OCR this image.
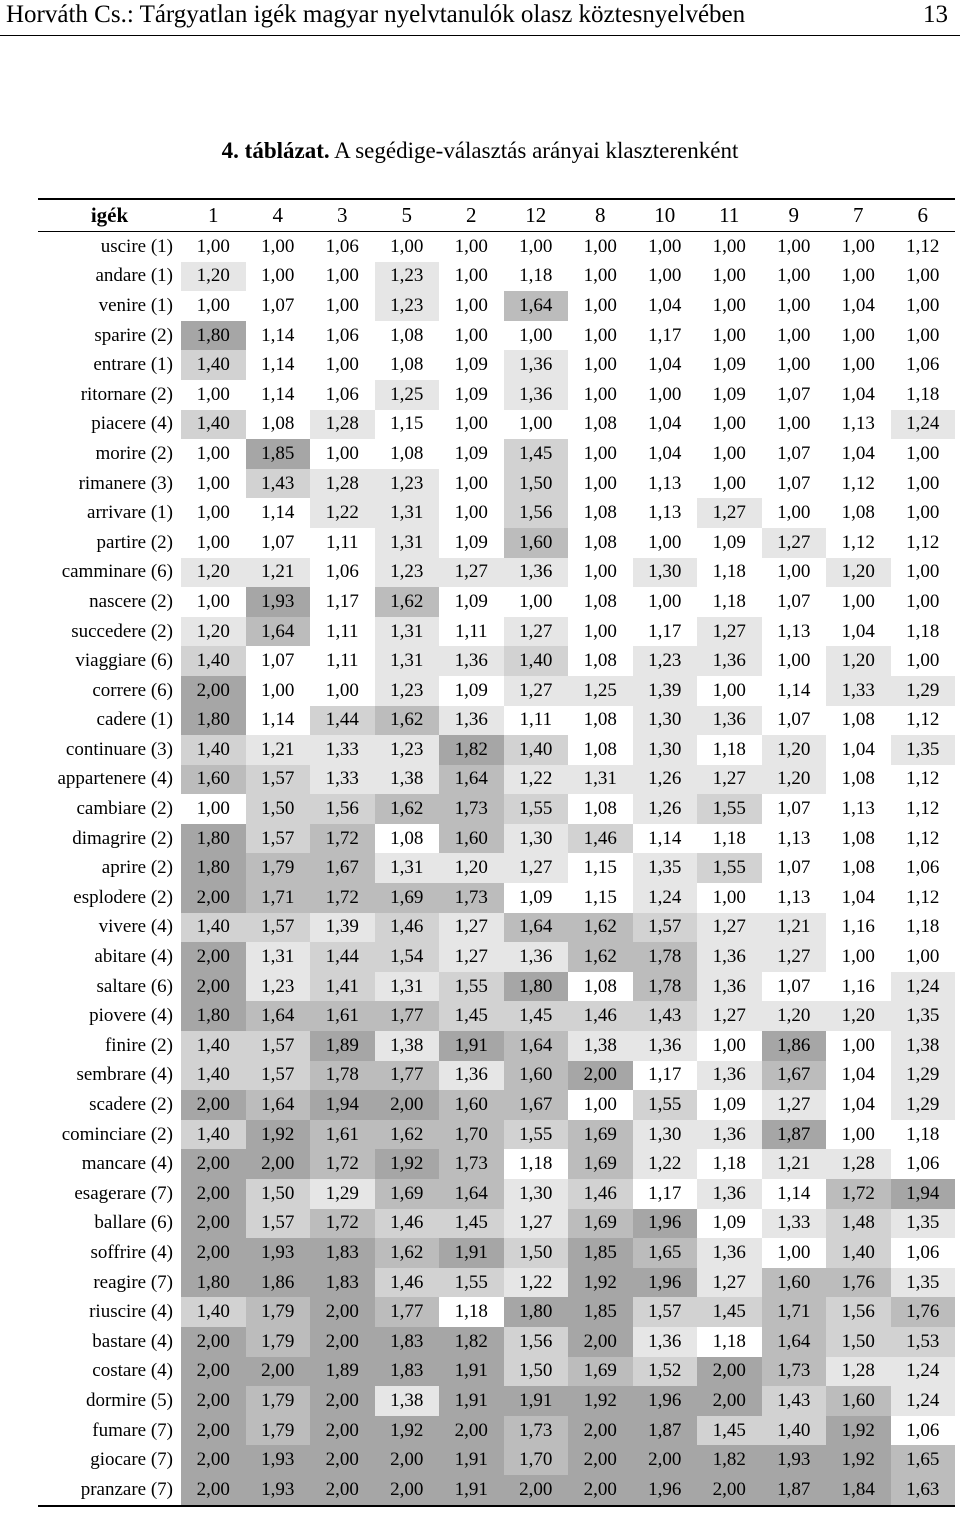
Horváth Cs.: Tárgyatlan igék magyar nyelvtanulók olasz köztesnyelvében	13
4. táblázat. A segédige-választás arányai klaszterenként
igék	1	4	3	5	2	12	8	10	11	9	7	6
uscire (1)	1,00	1,00	1,06	1,00	1,00	1,00	1,00	1,00	1,00	1,00	1,00	1,12
andare (1)	1,20	1,00	1,00	1,23	1,00	1,18	1,00	1,00	1,00	1,00	1,00	1,00
venire (1)	1,00	1,07	1,00	1,23	1,00	1,64	1,00	1,04	1,00	1,00	1,04	1,00
sparire (2)	1,80	1,14	1,06	1,08	1,00	1,00	1,00	1,17	1,00	1,00	1,00	1,00
entrare (1)	1,40	1,14	1,00	1,08	1,09	1,36	1,00	1,04	1,09	1,00	1,00	1,06
ritornare (2)	1,00	1,14	1,06	1,25	1,09	1,36	1,00	1,00	1,09	1,07	1,04	1,18
piacere (4)	1,40	1,08	1,28	1,15	1,00	1,00	1,08	1,04	1,00	1,00	1,13	1,24
morire (2)	1,00	1,85	1,00	1,08	1,09	1,45	1,00	1,04	1,00	1,07	1,04	1,00
rimanere (3)	1,00	1,43	1,28	1,23	1,00	1,50	1,00	1,13	1,00	1,07	1,12	1,00
arrivare (1)	1,00	1,14	1,22	1,31	1,00	1,56	1,08	1,13	1,27	1,00	1,08	1,00
partire (2)	1,00	1,07	1,11	1,31	1,09	1,60	1,08	1,00	1,09	1,27	1,12	1,12
camminare (6)	1,20	1,21	1,06	1,23	1,27	1,36	1,00	1,30	1,18	1,00	1,20	1,00
nascere (2)	1,00	1,93	1,17	1,62	1,09	1,00	1,08	1,00	1,18	1,07	1,00	1,00
succedere (2)	1,20	1,64	1,11	1,31	1,11	1,27	1,00	1,17	1,27	1,13	1,04	1,18
viaggiare (6)	1,40	1,07	1,11	1,31	1,36	1,40	1,08	1,23	1,36	1,00	1,20	1,00
correre (6)	2,00	1,00	1,00	1,23	1,09	1,27	1,25	1,39	1,00	1,14	1,33	1,29
cadere (1)	1,80	1,14	1,44	1,62	1,36	1,11	1,08	1,30	1,36	1,07	1,08	1,12
continuare (3)	1,40	1,21	1,33	1,23	1,82	1,40	1,08	1,30	1,18	1,20	1,04	1,35
appartenere (4)	1,60	1,57	1,33	1,38	1,64	1,22	1,31	1,26	1,27	1,20	1,08	1,12
cambiare (2)	1,00	1,50	1,56	1,62	1,73	1,55	1,08	1,26	1,55	1,07	1,13	1,12
dimagrire (2)	1,80	1,57	1,72	1,08	1,60	1,30	1,46	1,14	1,18	1,13	1,08	1,12
aprire (2)	1,80	1,79	1,67	1,31	1,20	1,27	1,15	1,35	1,55	1,07	1,08	1,06
esplodere (2)	2,00	1,71	1,72	1,69	1,73	1,09	1,15	1,24	1,00	1,13	1,04	1,12
vivere (4)	1,40	1,57	1,39	1,46	1,27	1,64	1,62	1,57	1,27	1,21	1,16	1,18
abitare (4)	2,00	1,31	1,44	1,54	1,27	1,36	1,62	1,78	1,36	1,27	1,00	1,00
saltare (6)	2,00	1,23	1,41	1,31	1,55	1,80	1,08	1,78	1,36	1,07	1,16	1,24
piovere (4)	1,80	1,64	1,61	1,77	1,45	1,45	1,46	1,43	1,27	1,20	1,20	1,35
finire (2)	1,40	1,57	1,89	1,38	1,91	1,64	1,38	1,36	1,00	1,86	1,00	1,38
sembrare (4)	1,40	1,57	1,78	1,77	1,36	1,60	2,00	1,17	1,36	1,67	1,04	1,29
scadere (2)	2,00	1,64	1,94	2,00	1,60	1,67	1,00	1,55	1,09	1,27	1,04	1,29
cominciare (2)	1,40	1,92	1,61	1,62	1,70	1,55	1,69	1,30	1,36	1,87	1,00	1,18
mancare (4)	2,00	2,00	1,72	1,92	1,73	1,18	1,69	1,22	1,18	1,21	1,28	1,06
esagerare (7)	2,00	1,50	1,29	1,69	1,64	1,30	1,46	1,17	1,36	1,14	1,72	1,94
ballare (6)	2,00	1,57	1,72	1,46	1,45	1,27	1,69	1,96	1,09	1,33	1,48	1,35
soffrire (4)	2,00	1,93	1,83	1,62	1,91	1,50	1,85	1,65	1,36	1,00	1,40	1,06
reagire (7)	1,80	1,86	1,83	1,46	1,55	1,22	1,92	1,96	1,27	1,60	1,76	1,35
riuscire (4)	1,40	1,79	2,00	1,77	1,18	1,80	1,85	1,57	1,45	1,71	1,56	1,76
bastare (4)	2,00	1,79	2,00	1,83	1,82	1,56	2,00	1,36	1,18	1,64	1,50	1,53
costare (4)	2,00	2,00	1,89	1,83	1,91	1,50	1,69	1,52	2,00	1,73	1,28	1,24
dormire (5)	2,00	1,79	2,00	1,38	1,91	1,91	1,92	1,96	2,00	1,43	1,60	1,24
fumare (7)	2,00	1,79	2,00	1,92	2,00	1,73	2,00	1,87	1,45	1,40	1,92	1,06
giocare (7)	2,00	1,93	2,00	2,00	1,91	1,70	2,00	2,00	1,82	1,93	1,92	1,65
pranzare (7)	2,00	1,93	2,00	2,00	1,91	2,00	2,00	1,96	2,00	1,87	1,84	1,63
